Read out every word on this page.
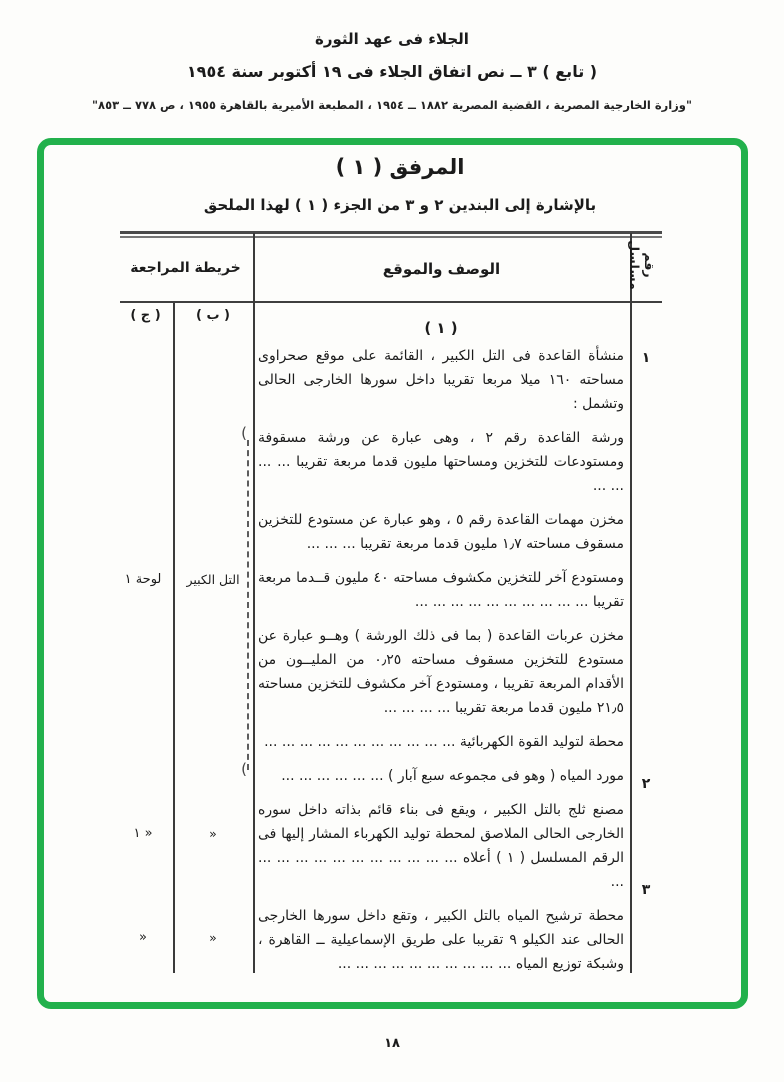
الجلاء فى عهد الثورة
( تابع ) ٣ ــ نص اتفاق الجلاء فى ١٩ أكتوبر سنة ١٩٥٤
"وزارة الخارجية المصرية ، القضية المصرية ١٨٨٢ ــ ١٩٥٤ ، المطبعة الأميرية بالقاهرة ١٩٥٥ ، ص ٧٧٨ ــ ٨٥٣"
المرفق ( ١ )
بالإشارة إلى البندين ٢ و ٣ من الجزء ( ١ ) لهذا الملحق
رقم مسلسل
الوصف والموقع
خريطة المراجعة
( ب )
( ج )
( ١ )

منشأة القاعدة فى التل الكبير ، القائمة على موقع صحراوى مساحته ١٦٠ ميلا مربعا تقريبا داخل سورها الخارجى الحالى وتشمل :

ورشة القاعدة رقم ٢ ، وهى عبارة عن ورشة مسقوفة ومستودعات للتخزين ومساحتها مليون قدما مربعة تقريبا ... ... ... ...

مخزن مهمات القاعدة رقم ٥ ، وهو عبارة عن مستودع للتخزين مسقوف مساحته ١٫٧ مليون قدما مربعة تقريبا ... ... ...

ومستودع آخر للتخزين مكشوف مساحته ٤٠ مليون قــدما مربعة تقريبا ... ... ... ... ... ... ... ... ... ...

مخزن عربات القاعدة ( بما فى ذلك الورشة ) وهــو عبارة عن مستودع للتخزين مسقوف مساحته ٠٫٢٥ من المليــون من الأقدام المربعة تقريبا ، ومستودع آخر مكشوف للتخزين مساحته ٢١٫٥ مليون قدما مربعة تقريبا ... ... ... ...

محطة لتوليد القوة الكهربائية ... ... ... ... ... ... ... ... ... ... ...

مورد المياه ( وهو فى مجموعه سبع آبار ) ... ... ... ... ... ...

مصنع ثلج بالتل الكبير ، ويقع فى بناء قائم بذاته داخل سوره الخارجى الحالى الملاصق لمحطة توليد الكهرباء المشار إليها فى الرقم المسلسل ( ١ ) أعلاه ... ... ... ... ... ... ... ... ... ... ... ...

محطة ترشيح المياه بالتل الكبير ، وتقع داخل سورها الخارجى الحالى عند الكيلو ٩ تقريبا على طريق الإسماعيلية ــ القاهرة ، وشبكة توزيع المياه ... ... ... ... ... ... ... ... ... ...

١
٢
٣
التل الكبير
لوحة ١
«
« ١
«
«
(
(
١٨
